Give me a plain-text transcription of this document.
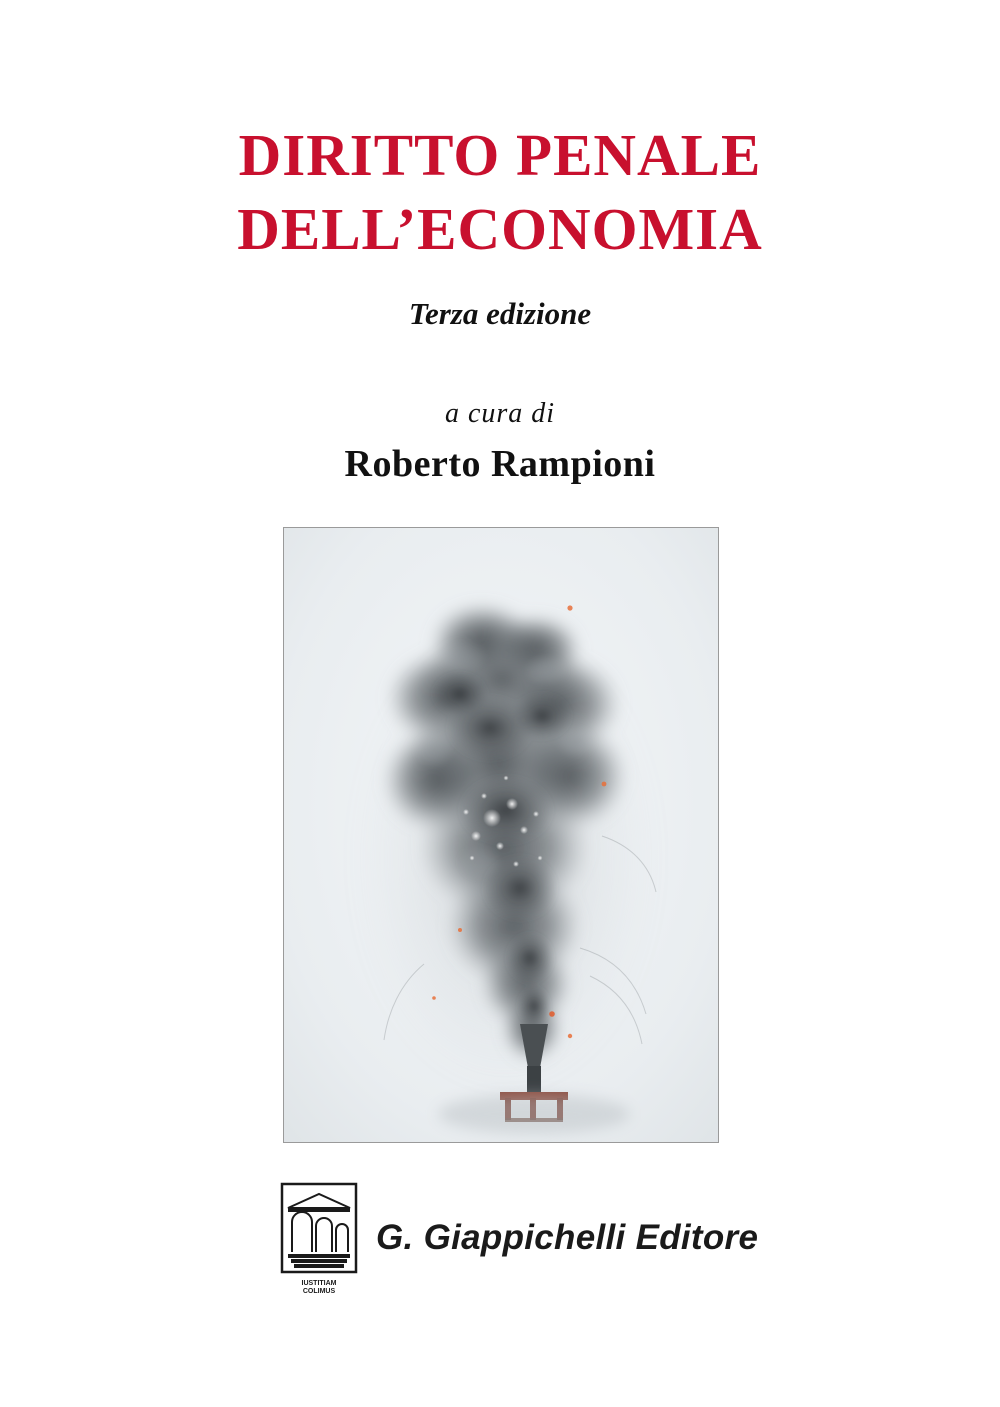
DIRITTO PENALE
DELL’ECONOMIA
Terza edizione
a cura di
Roberto Rampioni
IUSTITIAM
COLIMUS
G. Giappichelli Editore
